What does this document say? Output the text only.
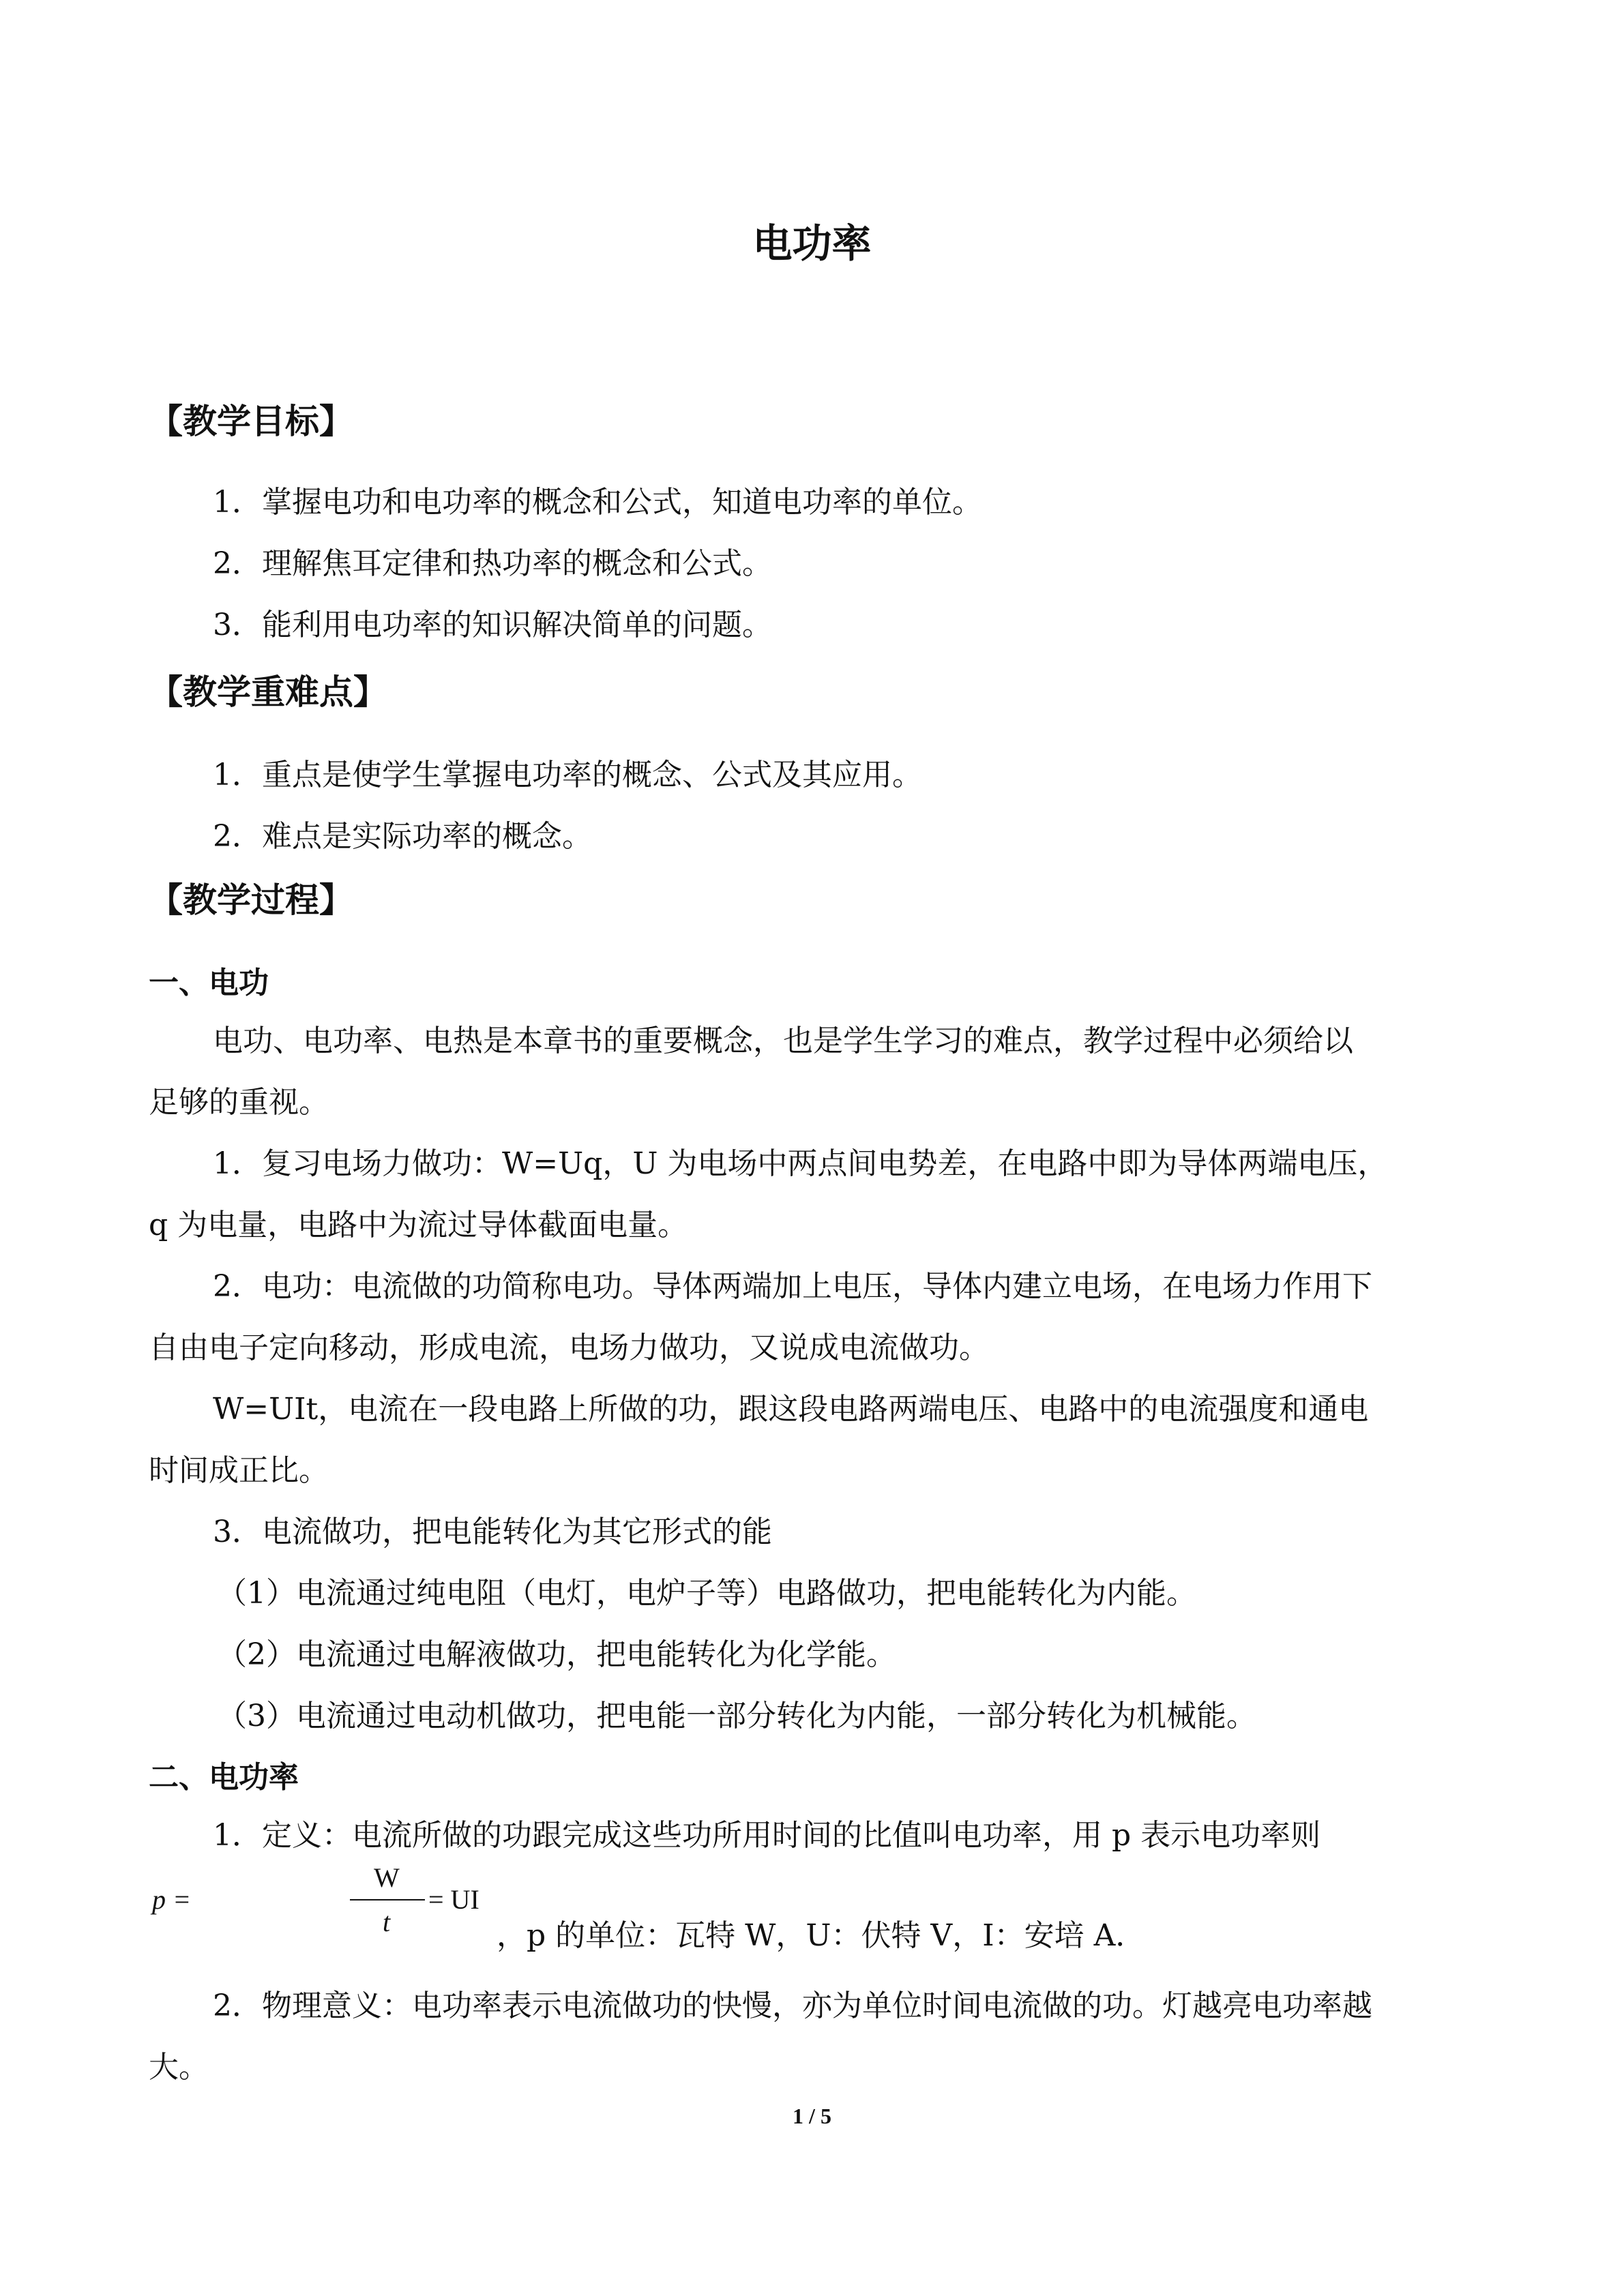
电功率
【教学目标】
1．掌握电功和电功率的概念和公式，知道电功率的单位。
2．理解焦耳定律和热功率的概念和公式。
3．能利用电功率的知识解决简单的问题。
【教学重难点】
1．重点是使学生掌握电功率的概念、公式及其应用。
2．难点是实际功率的概念。
【教学过程】
一、电功
电功、电功率、电热是本章书的重要概念，也是学生学习的难点，教学过程中必须给以
足够的重视。
1．复习电场力做功：W=Uq，U 为电场中两点间电势差，在电路中即为导体两端电压，
q 为电量，电路中为流过导体截面电量。
2．电功：电流做的功简称电功。导体两端加上电压，导体内建立电场，在电场力作用下
自由电子定向移动，形成电流，电场力做功，又说成电流做功。
W=UIt，电流在一段电路上所做的功，跟这段电路两端电压、电路中的电流强度和通电
时间成正比。
3．电流做功，把电能转化为其它形式的能
（1）电流通过纯电阻（电灯，电炉子等）电路做功，把电能转化为内能。
（2）电流通过电解液做功，把电能转化为化学能。
（3）电流通过电动机做功，把电能一部分转化为内能，一部分转化为机械能。
二、电功率
1．定义：电流所做的功跟完成这些功所用时间的比值叫电功率，用 p 表示电功率则
p =
W
t
= UI
，p 的单位：瓦特 W，U：伏特 V，I：安培 A．
2．物理意义：电功率表示电流做功的快慢，亦为单位时间电流做的功。灯越亮电功率越
大。
1 / 5
